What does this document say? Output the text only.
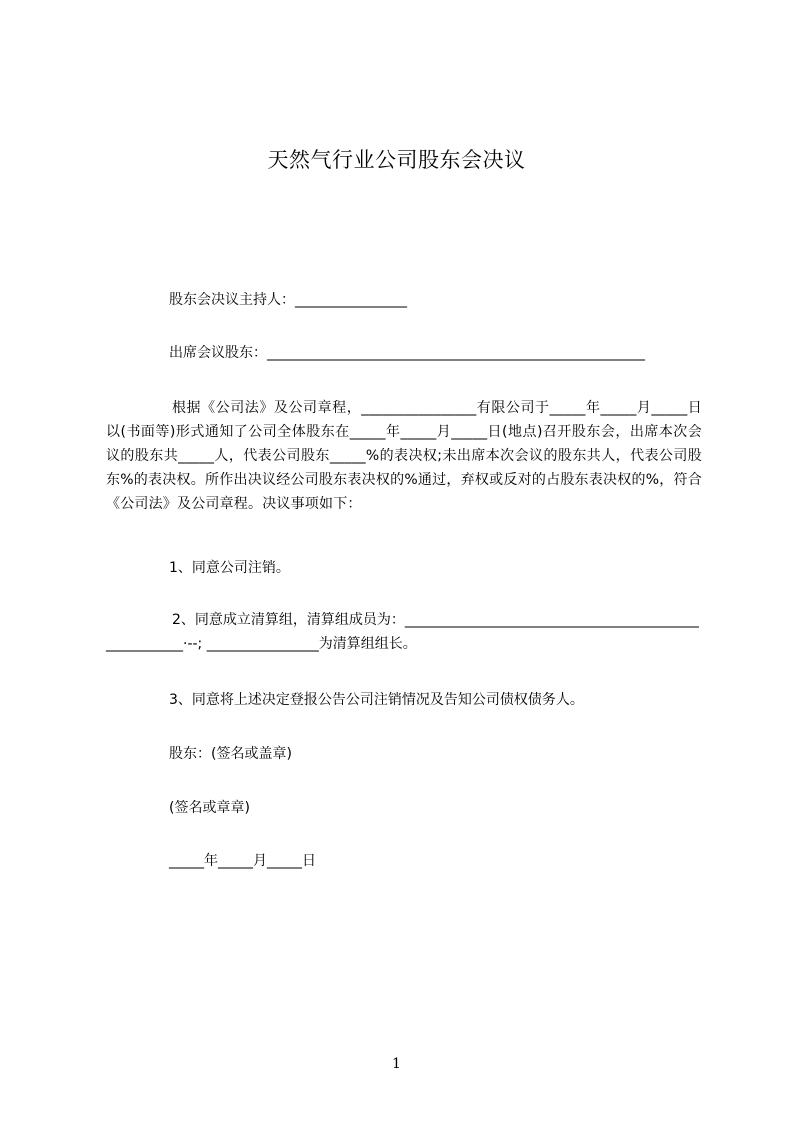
天然气行业公司股东会决议

股东会决议主持人：________________

出席会议股东：______________________________________________________

根据《公司法》及公司章程，________________有限公司于_____年_____月_____日以(书面等)形式通知了公司全体股东在_____年_____月_____日(地点)召开股东会，出席本次会议的股东共_____人，代表公司股东_____%的表决权;未出席本次会议的股东共人，代表公司股东%的表决权。所作出决议经公司股东表决权的%通过，弃权或反对的占股东表决权的%，符合《公司法》及公司章程。决议事项如下：

1、同意公司注销。

2、同意成立清算组，清算组成员为：_____________________________________________________·--; ________________为清算组组长。

3、同意将上述决定登报公告公司注销情况及告知公司债权债务人。

股东：(签名或盖章)

(签名或章章)

_____年_____月_____日

1
